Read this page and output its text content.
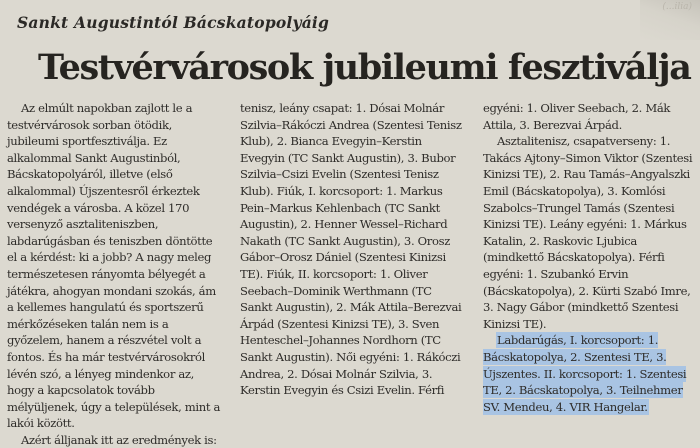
(...ilia)
Sankt Augustintól Bácskatopolyáig
Testvérvárosok jubileumi fesztiválja

Az elmúlt napokban zajlott le a testvérvárosok sorban ötödik, jubileumi sportfesztiválja. Ez alkalommal Sankt Augustinból, Bácskatopolyáról, illetve (első alkalommal) Újszentesről érkeztek vendégek a városba. A közel 170 versenyző asztaliteniszben, labdarúgásban és teniszben döntötte el a kérdést: ki a jobb? A nagy meleg természetesen rányomta bélyegét a játékra, ahogyan mondani szokás, ám a kellemes hangulatú és sportszerű mérkőzéseken talán nem is a győzelem, hanem a részvétel volt a fontos. És ha már testvérvárosokról lévén szó, a lényeg mindenkor az, hogy a kapcsolatok tovább mélyüljenek, úgy a települések, mint a lakói között.

Azért álljanak itt az eredmények is:

tenisz, leány csapat: 1. Dósai Molnár Szilvia–Rákóczi Andrea (Szentesi Tenisz Klub), 2. Bianca Evegyin–Kerstin Evegyin (TC Sankt Augustin), 3. Bubor Szilvia–Csizi Evelin (Szentesi Tenisz Klub). Fiúk, I. korcsoport: 1. Markus Pein–Markus Kehlenbach (TC Sankt Augustin), 2. Henner Wessel–Richard Nakath (TC Sankt Augustin), 3. Orosz Gábor–Orosz Dániel (Szentesi Kinizsi TE). Fiúk, II. korcsoport: 1. Oliver Seebach–Dominik Werthmann (TC Sankt Augustin), 2. Mák Attila–Berezvai Árpád (Szentesi Kinizsi TE), 3. Sven Henteschel–Johannes Nordhorn (TC Sankt Augustin). Női egyéni: 1. Rákóczi Andrea, 2. Dósai Molnár Szilvia, 3. Kerstin Evegyin és Csizi Evelin. Férfi

egyéni: 1. Oliver Seebach, 2. Mák Attila, 3. Berezvai Árpád.

Asztalitenisz, csapatverseny: 1. Takács Ajtony–Simon Viktor (Szentesi Kinizsi TE), 2. Rau Tamás–Angyalszki Emil (Bácskatopolya), 3. Komlósi Szabolcs–Trungel Tamás (Szentesi Kinizsi TE). Leány egyéni: 1. Márkus Katalin, 2. Raskovic Ljubica (mindkettő Bácskatopolya). Férfi egyéni: 1. Szubankó Ervin (Bácskatopolya), 2. Kürti Szabó Imre, 3. Nagy Gábor (mindkettő Szentesi Kinizsi TE).

Labdarúgás, I. korcsoport: 1. Bácskatopolya, 2. Szentesi TE, 3. Újszentes. II. korcsoport: 1. Szentesi TE, 2. Bácskatopolya, 3. Teilnehmer SV. Mendeu, 4. VIR Hangelar.
